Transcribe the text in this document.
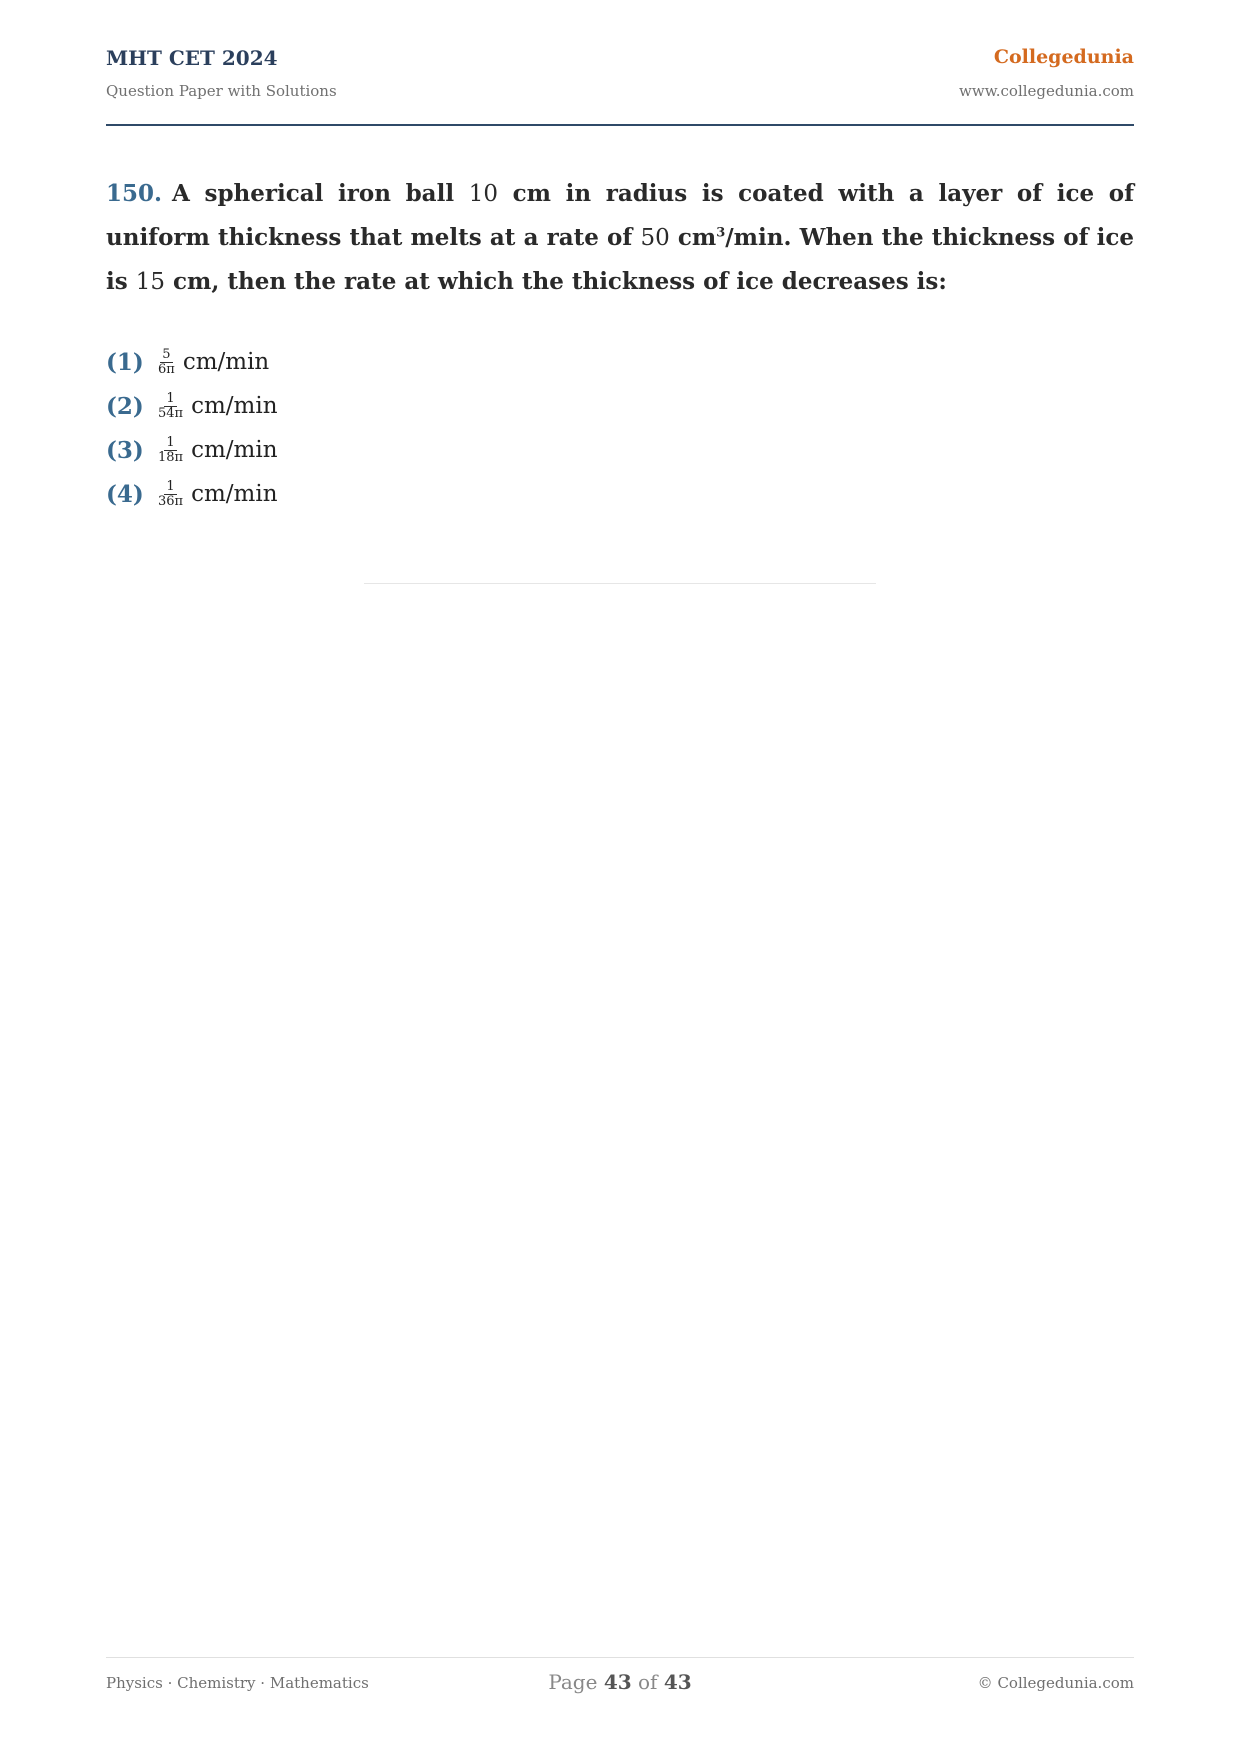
MHT CET 2024
Question Paper with Solutions
Collegedunia
www.collegedunia.com
150. A spherical iron ball 10 cm in radius is coated with a layer of ice of uniform thickness that melts at a rate of 50 $cm^3/\min$. When the thickness of ice is 15 cm, then the rate at which the thickness of ice decreases is:
$(1) \frac{5}{6\pi} cm/\min$
$(2) \frac{1}{54\pi} cm/\min$
$(3) \frac{1}{18\pi} cm/\min$
$(4) \frac{1}{36\pi} cm/\min$
Physics · Chemistry · Mathematics	Page 43 of 43	© Collegedunia.com
